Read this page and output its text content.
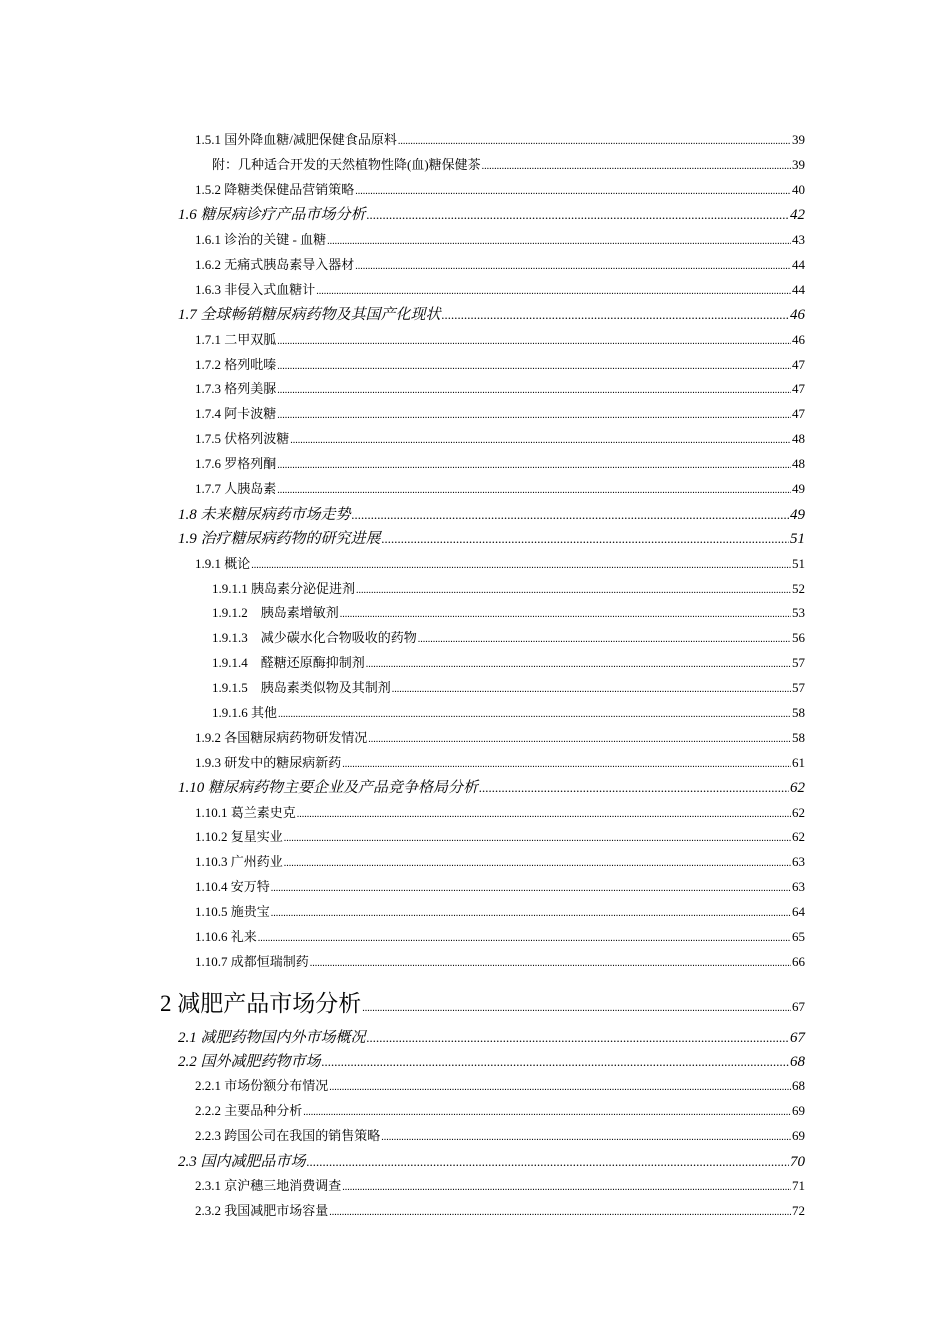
1.5.1 国外降血糖/减肥保健食品原料 .....	39
附：几种适合开发的天然植物性降(血)糖保健茶 .....	39
1.5.2 降糖类保健品营销策略 .....	40
1.6 糖尿病诊疗产品市场分析 .....	42
1.6.1 诊治的关键 - 血糖 .....	43
1.6.2 无痛式胰岛素导入器材 .....	44
1.6.3 非侵入式血糖计 .....	44
1.7 全球畅销糖尿病药物及其国产化现状 .....	46
1.7.1 二甲双胍 .....	46
1.7.2 格列吡嗪 .....	47
1.7.3 格列美脲 .....	47
1.7.4 阿卡波糖 .....	47
1.7.5 伏格列波糖 .....	48
1.7.6 罗格列酮 .....	48
1.7.7 人胰岛素 .....	49
1.8 未来糖尿病药市场走势 .....	49
1.9 治疗糖尿病药物的研究进展 .....	51
1.9.1 概论 .....	51
1.9.1.1 胰岛素分泌促进剂 .....	52
1.9.1.2　胰岛素增敏剂 .....	53
1.9.1.3　减少碳水化合物吸收的药物 .....	56
1.9.1.4　醛糖还原酶抑制剂 .....	57
1.9.1.5　胰岛素类似物及其制剂 .....	57
1.9.1.6 其他 .....	58
1.9.2 各国糖尿病药物研发情况 .....	58
1.9.3 研发中的糖尿病新药 .....	61
1.10 糖尿病药物主要企业及产品竞争格局分析 .....	62
1.10.1 葛兰素史克 .....	62
1.10.2 复星实业 .....	62
1.10.3 广州药业 .....	63
1.10.4 安万特 .....	63
1.10.5 施贵宝 .....	64
1.10.6 礼来 .....	65
1.10.7 成都恒瑞制药 .....	66
2 减肥产品市场分析 .....	67
2.1 减肥药物国内外市场概况 .....	67
2.2 国外减肥药物市场 .....	68
2.2.1 市场份额分布情况 .....	68
2.2.2 主要品种分析 .....	69
2.2.3 跨国公司在我国的销售策略 .....	69
2.3 国内减肥品市场 .....	70
2.3.1 京沪穗三地消费调查 .....	71
2.3.2 我国减肥市场容量 .....	72
